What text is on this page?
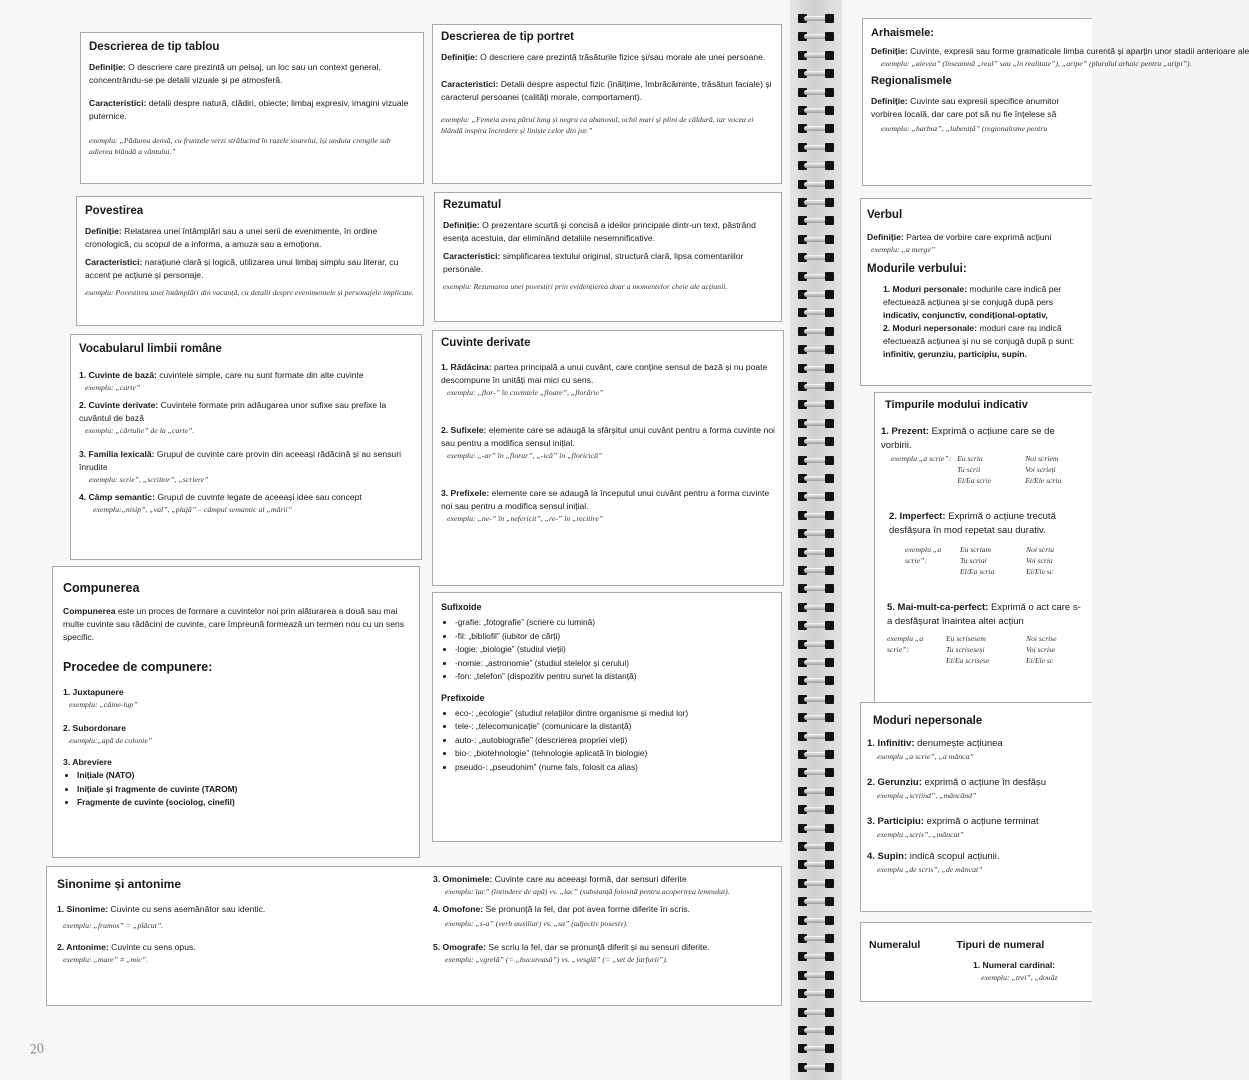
Descrierea de tip tablou

Definiție: O descriere care prezintă un peisaj, un loc sau un context general, concentrându-se pe detalii vizuale și pe atmosferă.

Caracteristici: detalii despre natură, clădiri, obiecte; limbaj expresiv, imagini vizuale puternice.

exemplu: „Pădurea densă, cu frunzele verzi strălucind în razele soarelui, își unduia crengile sub adierea blândă a vântului.”
Descrierea de tip portret

Definiție: O descriere care prezintă trăsăturile fizice și/sau morale ale unei persoane.

Caracteristici: Detalii despre aspectul fizic (înălțime, îmbrăcăminte, trăsături faciale) și caracterul persoanei (calități morale, comportament).

exemplu: „Femeia avea părul lung și negru ca abanosul, ochii mari și plini de căldură, iar vocea ei blândă inspira încredere și liniște celor din jur.”
Povestirea

Definiție: Relatarea unei întâmplări sau a unei serii de evenimente, în ordine cronologică, cu scopul de a informa, a amuza sau a emoționa.

Caracteristici: narațiune clară și logică, utilizarea unui limbaj simplu sau literar, cu accent pe acțiune și personaje.

exemplu: Povestirea unei întâmplări din vacanță, cu detalii despre evenimentele și personajele implicate.
Rezumatul

Definiție: O prezentare scurtă și concisă a ideilor principale dintr-un text, păstrând esența acestuia, dar eliminând detaliile nesemnificative.

Caracteristici: simplificarea textului original, structură clară, lipsa comentariilor personale.

exemplu: Rezumarea unei povestiri prin evidențierea doar a momentelor cheie ale acțiunii.
Vocabularul limbii române

1. Cuvinte de bază: cuvintele simple, care nu sunt formate din alte cuvinte

exemplu: „carte”

2. Cuvinte derivate: Cuvintele formate prin adăugarea unor sufixe sau prefixe la cuvântul de bază

exemplu: „cărtulie” de la „carte”.

3. Familia lexicală: Grupul de cuvinte care provin din aceeași rădăcină și au sensuri înrudite

exemplu: scrie”, „scriitor”, „scriere”

4. Câmp semantic: Grupul de cuvinte legate de aceeași idee sau concept

exemplu:„nisip”, „val”, „plajă” – câmpul semantic al „mării”
Cuvinte derivate

1. Rădăcina: partea principală a unui cuvânt, care conține sensul de bază și nu poate descompune în unități mai mici cu sens.

exemplu: „flor-” în cuvintele „floare”, „florărie”

2. Sufixele: elemente care se adaugă la sfârșitul unui cuvânt pentru a forma cuvinte noi sau pentru a modifica sensul inițial.

exemplu: „-ar” în „florar”, „-ică” în „floricică”

3. Prefixele: elemente care se adaugă la începutul unui cuvânt pentru a forma cuvinte noi sau pentru a modifica sensul inițial.

exemplu: „ne-” în „nefericit”, „re-” în „recitire”
Compunerea

Compunerea este un proces de formare a cuvintelor noi prin alăturarea a două sau mai multe cuvinte sau rădăcini de cuvinte, care împreună formează un termen nou cu un sens specific.

Procedee de compunere:

1. Juxtapunere

exemplu: „câine-lup”

2. Subordonare

exemplu:„apă de colonie”

3. Abreviere

• Inițiale (NATO)
• Inițiale și fragmente de cuvinte (TAROM)
• Fragmente de cuvinte (sociolog, cinefil)

Sufixoide

• -grafie: „fotografie” (scriere cu lumină)
• -fil: „bibliofil” (iubitor de cărți)
• -logie: „biologie” (studiul vieții)
• -nomie: „astronomie” (studiul stelelor și cerului)
• -fon: „telefon” (dispozitiv pentru sunet la distanță)

Prefixoide

• eco-: „ecologie” (studiul relațiilor dintre organisme și mediul lor)
• tele-: „telecomunicație” (comunicare la distanță)
• auto-: „autobiografie” (descrierea propriei vieți)
• bio-: „biotehnologie” (tehnologie aplicată în biologie)
• pseudo-: „pseudonim” (nume fals, folosit ca alias)
Sinonime și antonime

1. Sinonime: Cuvinte cu sens asemănător sau identic.

exemplu: „frumos” = „plăcut”.

2. Antonime: Cuvinte cu sens opus.

exemplu: „mare” ≠ „mic”.

3. Omonimele: Cuvinte care au aceeași formă, dar sensuri diferite

exemplu: lac” (întindere de apă) vs. „lac” (substanță folosită pentru acoperirea lemnului).

4. Omofone: Se pronunță la fel, dar pot avea forme diferite în scris.

exemplu: „s-a” (verb auxiliar) vs. „sa” (adjectiv posesiv).

5. Omografe: Se scriu la fel, dar se pronunță diferit și au sensuri diferite.

exemplu: „vgrelă” (= „bucuroasă”) vs. „vesglă” (= „set de farfurii”).
20
Arhaismele:

Definiție: Cuvinte, expresii sau forme gramaticale limba curentă și aparțin unor stadii anterioare ale

exemplu: „aievea” (înseamnă „real” sau „în realitate”), „aripe” (pluralul arhaic pentru „aripi”).
Regionalismele

Definiție: Cuvinte sau expresii specifice anumitor vorbirea locală, dar care pot să nu fie înțelese să

exemplu: „harbuz”, „lubeniță” (regionalisme pentru
Verbul

Definiție: Partea de vorbire care exprimă acțiuni

exemplu: „a merge”
Modurile verbului:

1. Moduri personale: modurile care indică per efectuează acțiunea și se conjugă după pers
indicativ, conjunctiv, condițional-optativ,

2. Moduri nepersonale: moduri care nu indică efectuează acțiunea și nu se conjugă după p sunt: infinitiv, gerunziu, participiu, supin.

Timpurile modului indicativ

1. Prezent: Exprimă o acțiune care se de vorbirii.

exemplu „a scrie”: Eu scriu	Noi scriem
Tu scrii	Voi scrieți
El/Ea scrie	Ei/Ele scriu

2. Imperfect: Exprimă o acțiune trecută desfășura în mod repetat sau durativ.

exemplu „a scrie”:
Eu scriam	Noi scria
Tu scriai	Voi scria
El/Ea scria	Ei/Ele sc

5. Mai-mult-ca-perfect: Exprimă o act care s-a desfășurat înaintea altei acțiun

exemplu „a scrie”:
Eu scrisesem	Noi scrise
Tu scriseseși	Voi scrise
El/Ea scrisese	Ei/Ele sc
Moduri nepersonale

1. Infinitiv: denumește acțiunea

exemplu „a scrie”, „a mânca”

2. Gerunziu: exprimă o acțiune în desfășu

exemplu „scriind”, „mâncând”

3. Participiu: exprimă o acțiune terminat

exemplu „scris”, „mâncat”

4. Supin: indică scopul acțiunii.

exemplu „de scris”, „de mâncat”
Numeralul	Tipuri de numeral

1. Numeral cardinal:

exemplu: „trei”, „douăz
